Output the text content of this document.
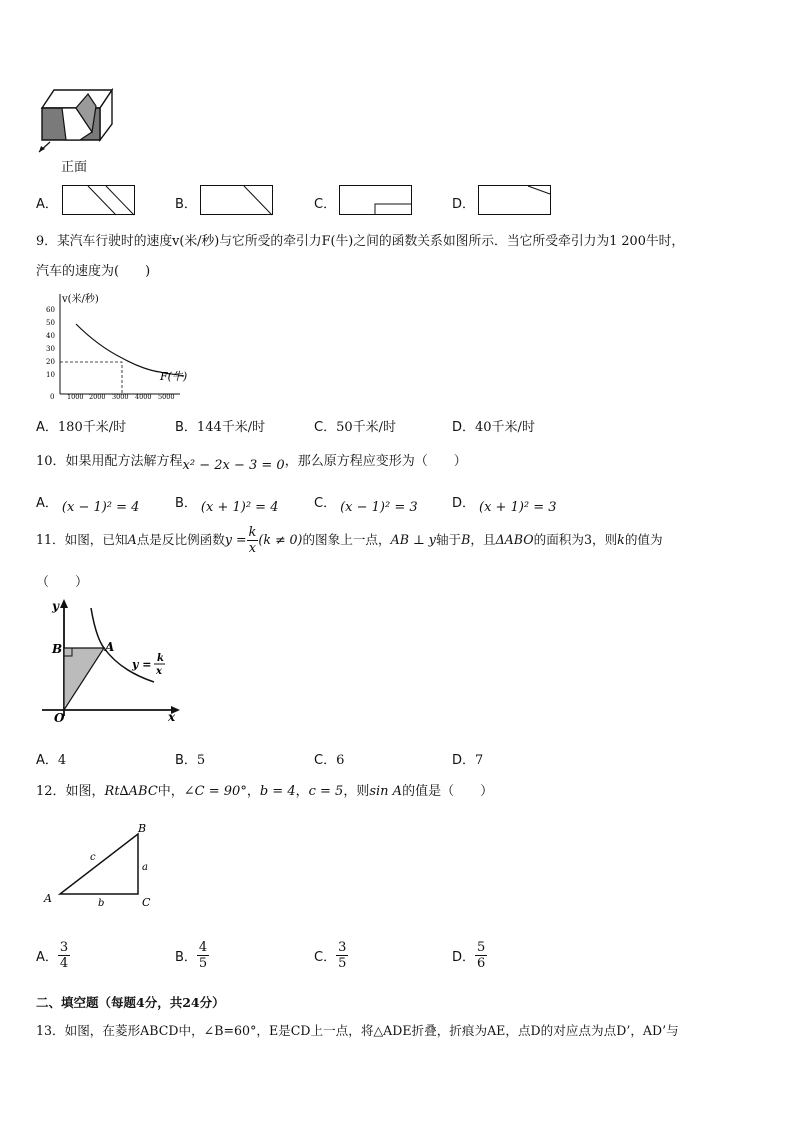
正面
A．	B．	C．	D．
9．某汽车行驶时的速度v(米/秒)与它所受的牵引力F(牛)之间的函数关系如图所示．当它所受牵引力为1 200牛时，
汽车的速度为(　　)
v(米/秒)
F(牛)
60
50
40
30
20
10
0 1000 2000 3000 4000 5000
A．180千米/时	B．144千米/时	C．50千米/时	D．40千米/时
10．如果用配方法解方程x² − 2x − 3 = 0，那么原方程应变形为（　　）
A． (x − 1)² = 4	B． (x + 1)² = 4	C． (x − 1)² = 3	D． (x + 1)² = 3
11．如图，已知A点是反比例函数$y = \frac{k}{x} (k \ne 0)$的图象上一点，AB ⊥ y轴于B，且ΔABO的面积为3，则k的值为
（　　）
y
x
B	A
O
y = k
x
A．4	B．5	C．6	D．7
12．如图，Rt∆ABC中，∠C = 90°，b = 4，c = 5，则sin A的值是（　　）
B
A	C
a
b
c
A． $\frac{3}{4}$	B． $\frac{4}{5}$	C． $\frac{3}{5}$	D． $\frac{5}{6}$
二、填空题（每题4分，共24分）
13．如图，在菱形ABCD中，∠B=60°，E是CD上一点，将△ADE折叠，折痕为AE，点D的对应点为点D’，AD’与
